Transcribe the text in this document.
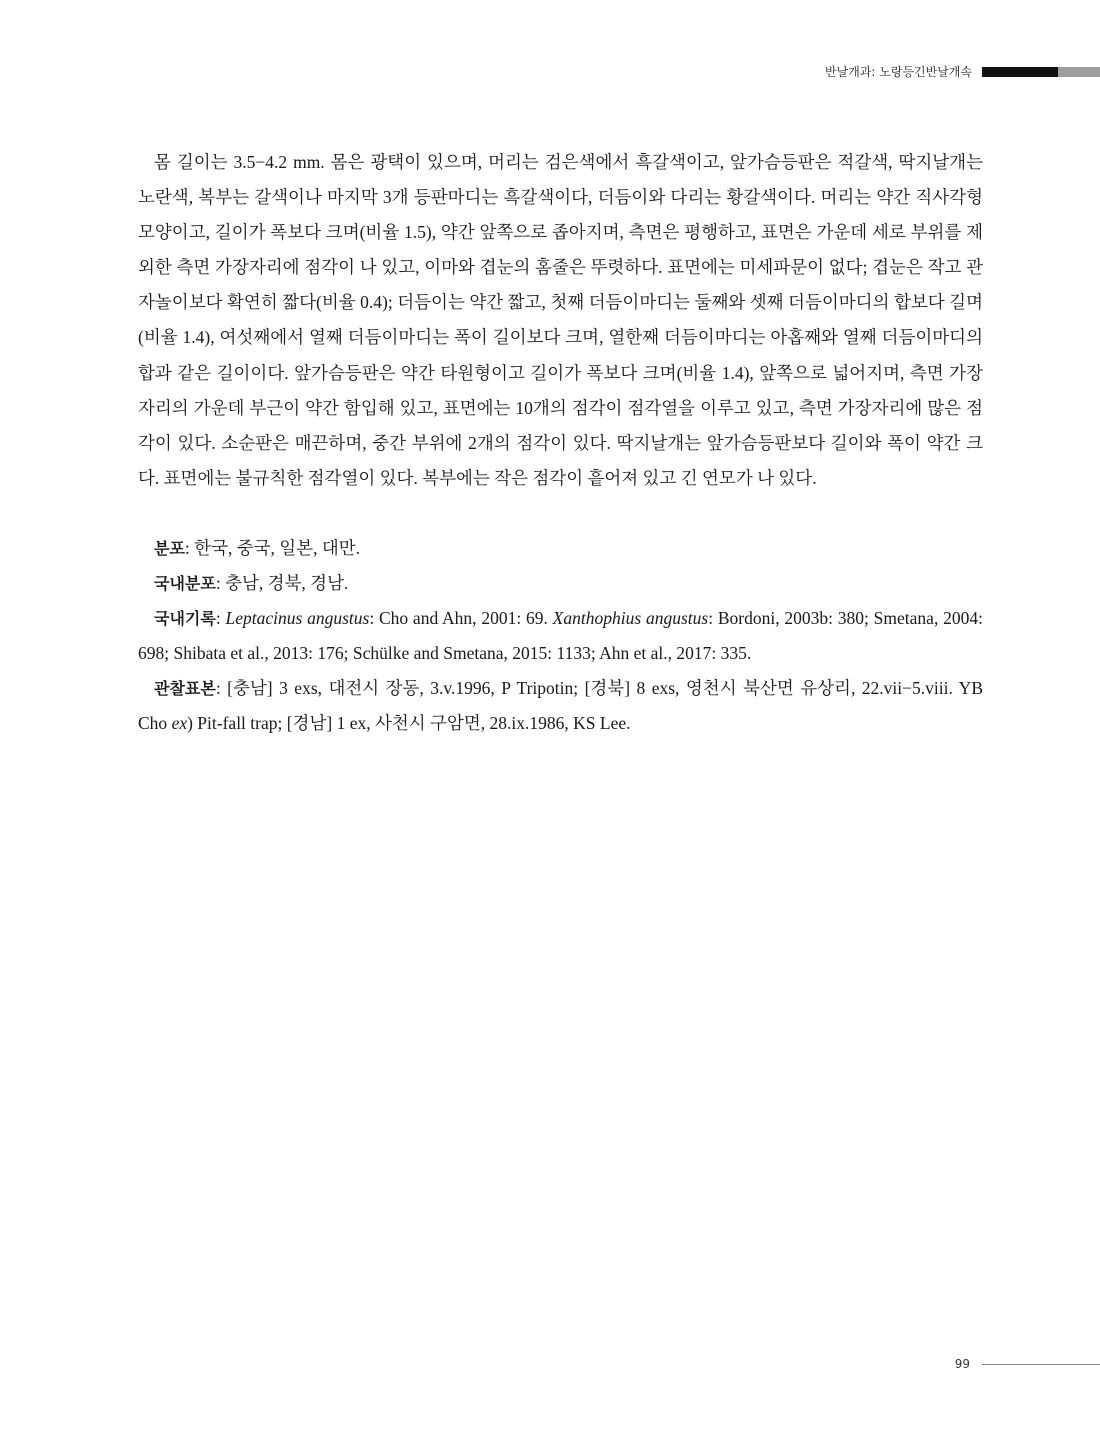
반날개과: 노랑등긴반날개속

몸 길이는 3.5−4.2 mm. 몸은 광택이 있으며, 머리는 검은색에서 흑갈색이고, 앞가슴등판은 적갈색, 딱지날개는 노란색, 복부는 갈색이나 마지막 3개 등판마디는 흑갈색이다, 더듬이와 다리는 황갈색이다. 머리는 약간 직사각형 모양이고, 길이가 폭보다 크며(비율 1.5), 약간 앞쪽으로 좁아지며, 측면은 평행하고, 표면은 가운데 세로 부위를 제외한 측면 가장자리에 점각이 나 있고, 이마와 겹눈의 홈줄은 뚜렷하다. 표면에는 미세파문이 없다; 겹눈은 작고 관자놀이보다 확연히 짧다(비율 0.4); 더듬이는 약간 짧고, 첫째 더듬이마디는 둘째와 셋째 더듬이마디의 합보다 길며(비율 1.4), 여섯째에서 열째 더듬이마디는 폭이 길이보다 크며, 열한째 더듬이마디는 아홉째와 열째 더듬이마디의 합과 같은 길이이다. 앞가슴등판은 약간 타원형이고 길이가 폭보다 크며(비율 1.4), 앞쪽으로 넓어지며, 측면 가장자리의 가운데 부근이 약간 함입해 있고, 표면에는 10개의 점각이 점각열을 이루고 있고, 측면 가장자리에 많은 점각이 있다. 소순판은 매끈하며, 중간 부위에 2개의 점각이 있다. 딱지날개는 앞가슴등판보다 길이와 폭이 약간 크다. 표면에는 불규칙한 점각열이 있다. 복부에는 작은 점각이 흩어져 있고 긴 연모가 나 있다.

분포: 한국, 중국, 일본, 대만.

국내분포: 충남, 경북, 경남.

국내기록: Leptacinus angustus: Cho and Ahn, 2001: 69. Xanthophius angustus: Bordoni, 2003b: 380; Smetana, 2004: 698; Shibata et al., 2013: 176; Schülke and Smetana, 2015: 1133; Ahn et al., 2017: 335.

관찰표본: [충남] 3 exs, 대전시 장동, 3.v.1996, P Tripotin; [경북] 8 exs, 영천시 북산면 유상리, 22.vii−5.viii. YB Cho ex) Pit-fall trap; [경남] 1 ex, 사천시 구암면, 28.ix.1986, KS Lee.

99
